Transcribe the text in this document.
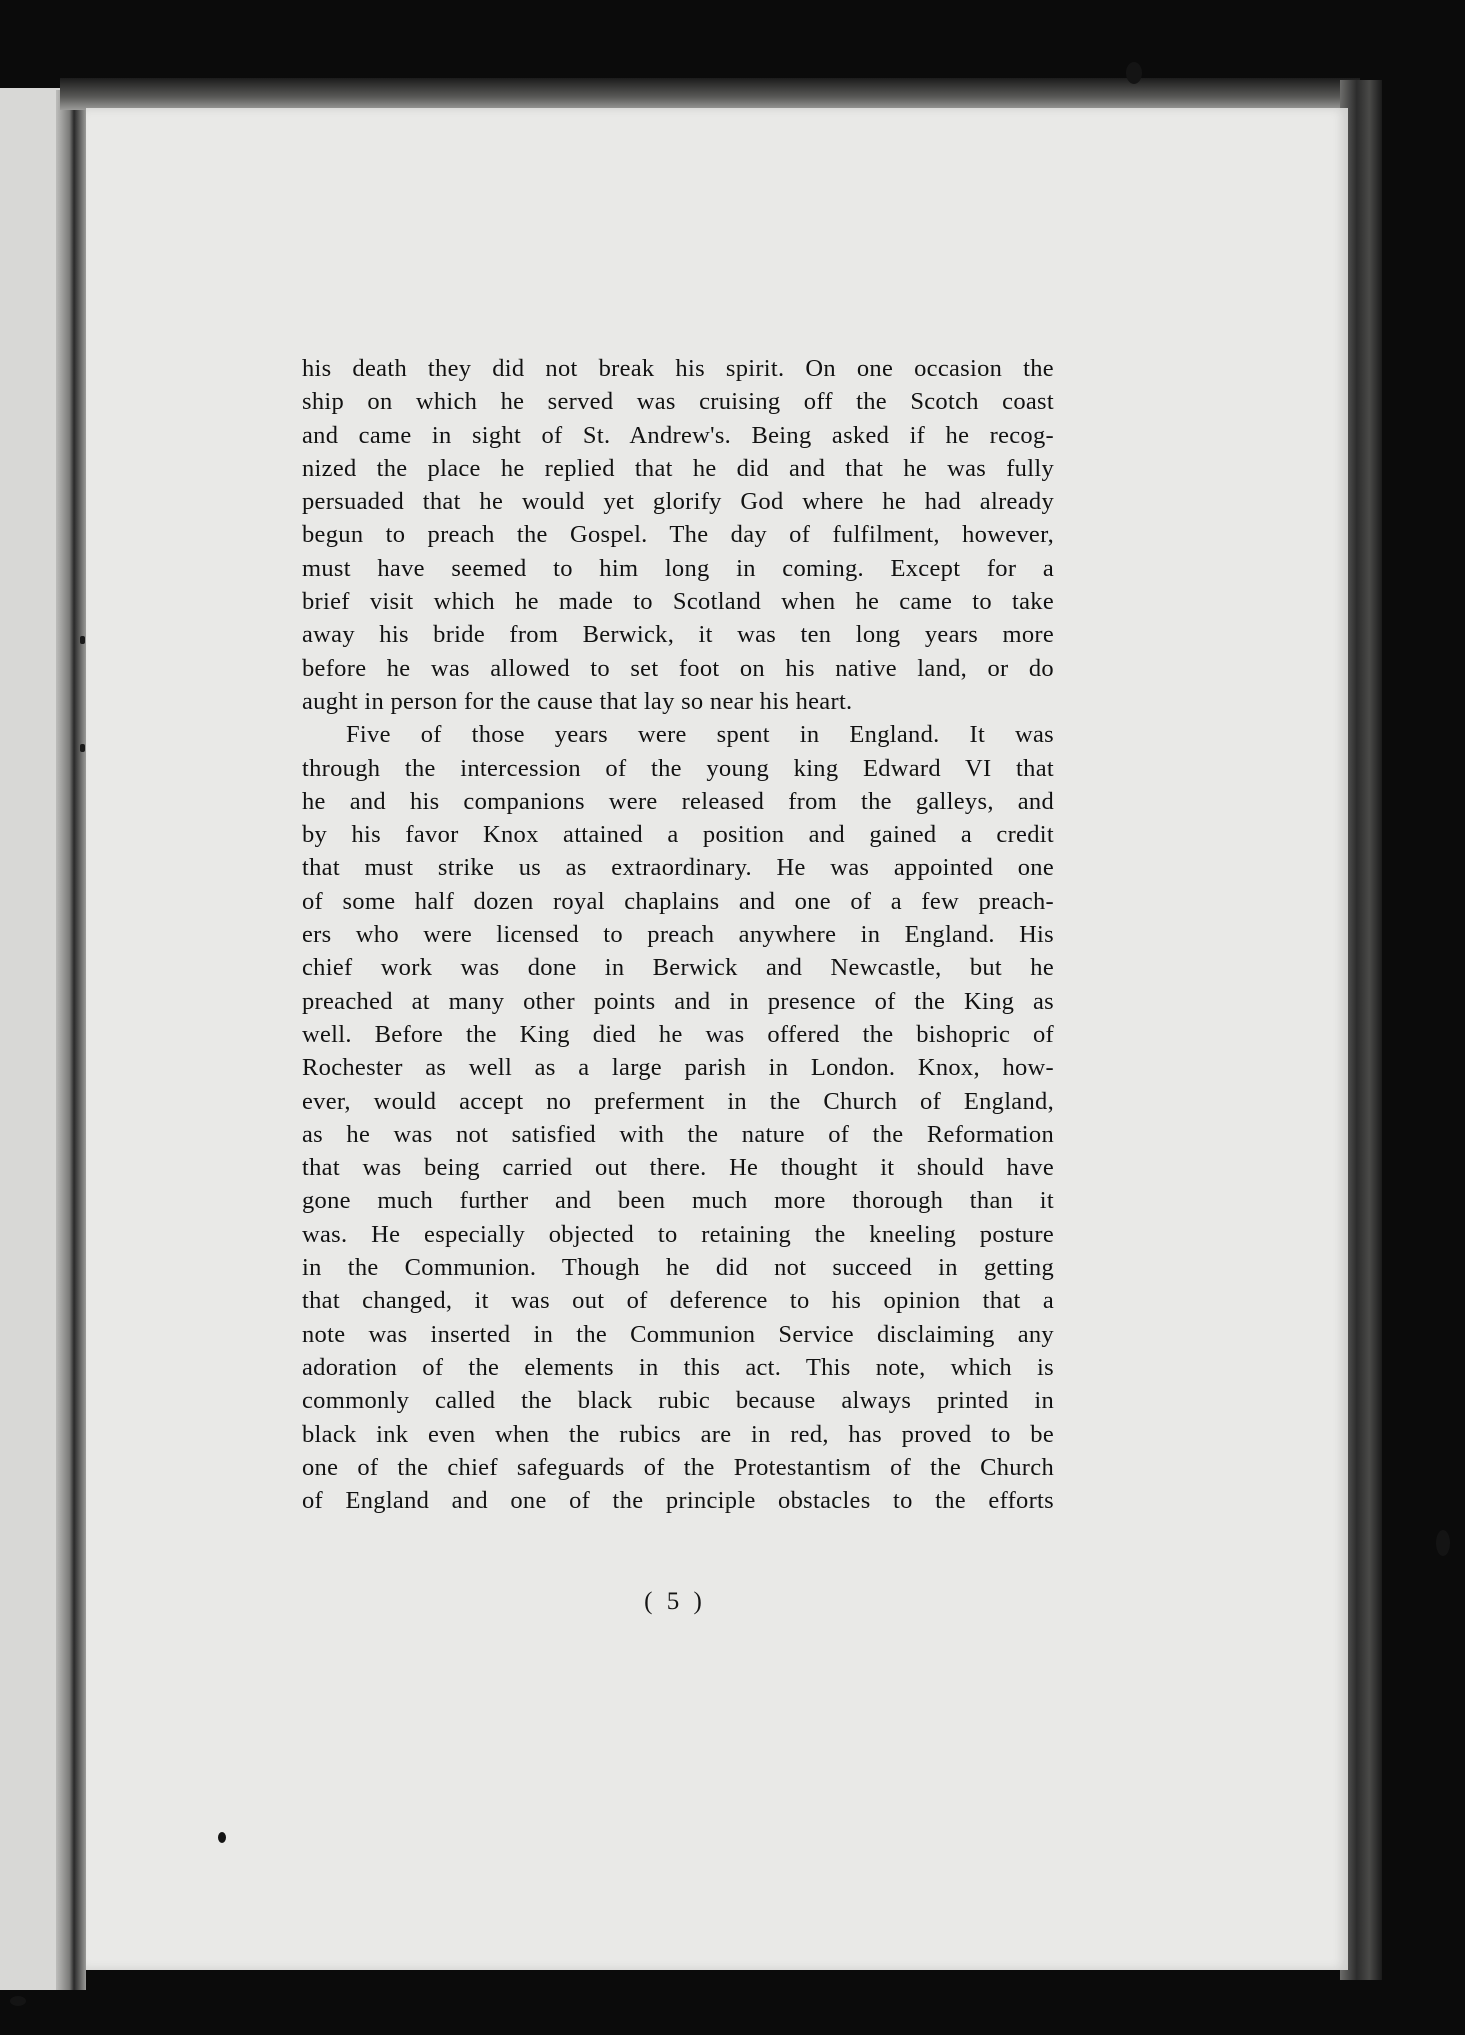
his death they did not break his spirit. On one occasion the
ship on which he served was cruising off the Scotch coast
and came in sight of St. Andrew's. Being asked if he recog-
nized the place he replied that he did and that he was fully
persuaded that he would yet glorify God where he had already
begun to preach the Gospel. The day of fulfilment, however,
must have seemed to him long in coming. Except for a
brief visit which he made to Scotland when he came to take
away his bride from Berwick, it was ten long years more
before he was allowed to set foot on his native land, or do
aught in person for the cause that lay so near his heart.
Five of those years were spent in England. It was
through the intercession of the young king Edward VI that
he and his companions were released from the galleys, and
by his favor Knox attained a position and gained a credit
that must strike us as extraordinary. He was appointed one
of some half dozen royal chaplains and one of a few preach-
ers who were licensed to preach anywhere in England. His
chief work was done in Berwick and Newcastle, but he
preached at many other points and in presence of the King as
well. Before the King died he was offered the bishopric of
Rochester as well as a large parish in London. Knox, how-
ever, would accept no preferment in the Church of England,
as he was not satisfied with the nature of the Reformation
that was being carried out there. He thought it should have
gone much further and been much more thorough than it
was. He especially objected to retaining the kneeling posture
in the Communion. Though he did not succeed in getting
that changed, it was out of deference to his opinion that a
note was inserted in the Communion Service disclaiming any
adoration of the elements in this act. This note, which is
commonly called the black rubic because always printed in
black ink even when the rubics are in red, has proved to be
one of the chief safeguards of the Protestantism of the Church
of England and one of the principle obstacles to the efforts
( 5 )
